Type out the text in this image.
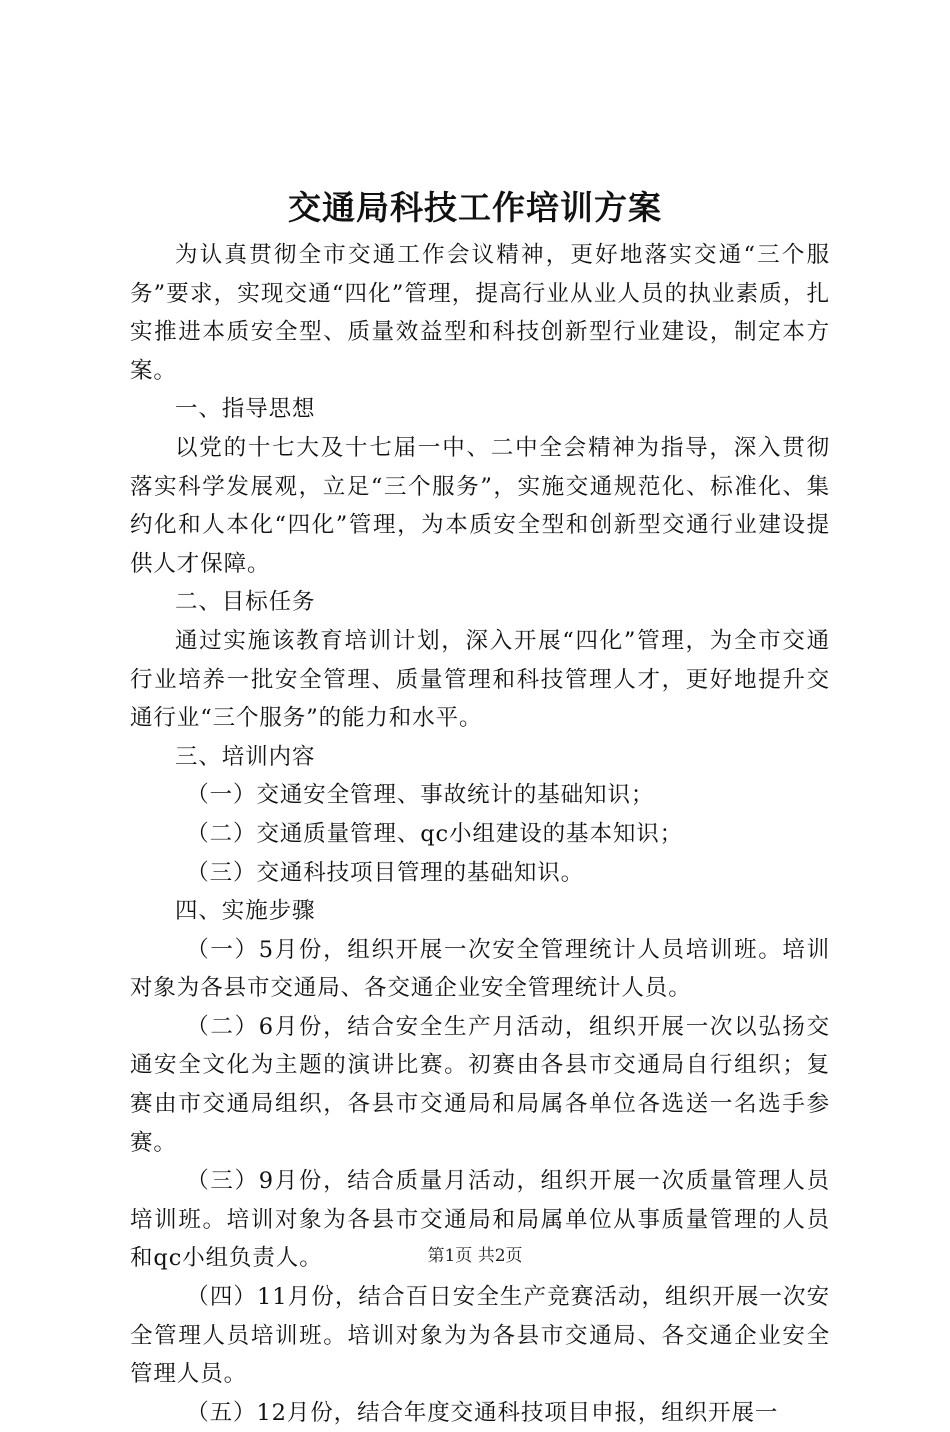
交通局科技工作培训方案

为认真贯彻全市交通工作会议精神，更好地落实交通“三个服务”要求，实现交通“四化”管理，提高行业从业人员的执业素质，扎实推进本质安全型、质量效益型和科技创新型行业建设，制定本方案。

一、指导思想

以党的十七大及十七届一中、二中全会精神为指导，深入贯彻落实科学发展观，立足“三个服务”，实施交通规范化、标准化、集约化和人本化“四化”管理，为本质安全型和创新型交通行业建设提供人才保障。

二、目标任务

通过实施该教育培训计划，深入开展“四化”管理，为全市交通行业培养一批安全管理、质量管理和科技管理人才，更好地提升交通行业“三个服务”的能力和水平。

三、培训内容

（一）交通安全管理、事故统计的基础知识；

（二）交通质量管理、qc小组建设的基本知识；

（三）交通科技项目管理的基础知识。

四、实施步骤

（一）5月份，组织开展一次安全管理统计人员培训班。培训对象为各县市交通局、各交通企业安全管理统计人员。

（二）6月份，结合安全生产月活动，组织开展一次以弘扬交通安全文化为主题的演讲比赛。初赛由各县市交通局自行组织；复赛由市交通局组织，各县市交通局和局属各单位各选送一名选手参赛。

（三）9月份，结合质量月活动，组织开展一次质量管理人员培训班。培训对象为各县市交通局和局属单位从事质量管理的人员和qc小组负责人。

（四）11月份，结合百日安全生产竞赛活动，组织开展一次安全管理人员培训班。培训对象为为各县市交通局、各交通企业安全管理人员。

（五）12月份，结合年度交通科技项目申报，组织开展一

第1页 共2页
